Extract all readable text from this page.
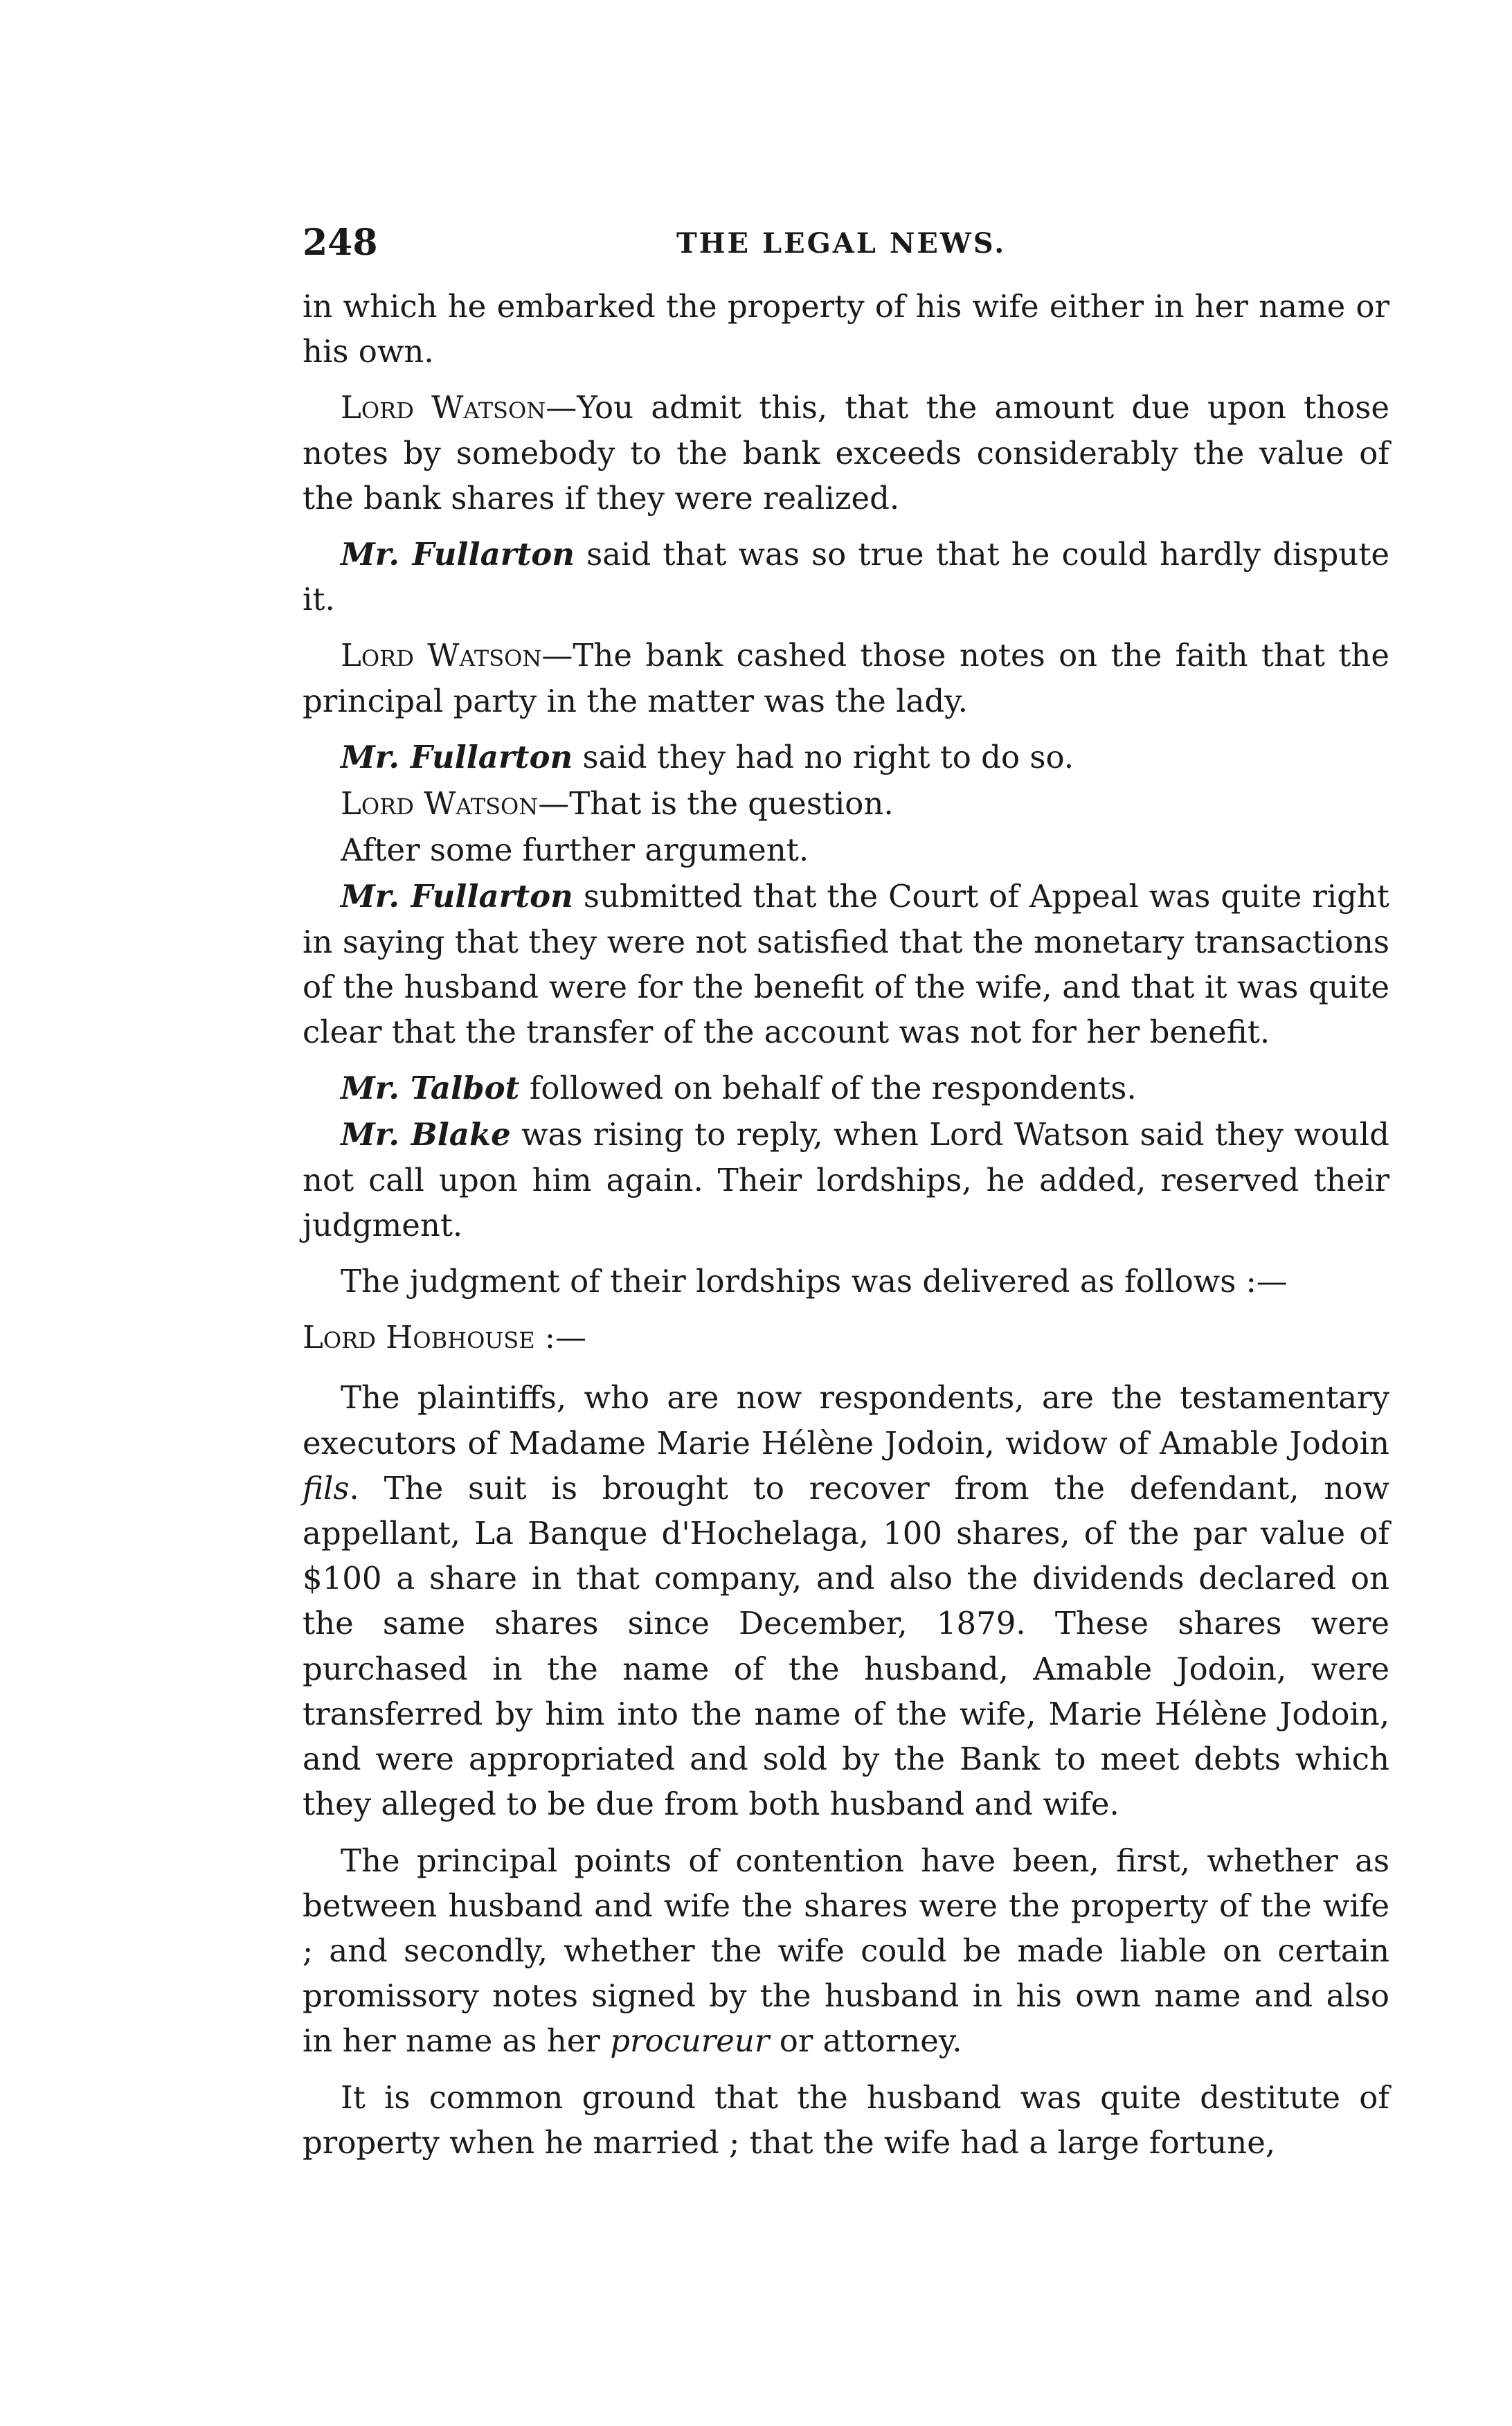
248	THE LEGAL NEWS.

in which he embarked the property of his wife either in her name or his own.

Lord Watson—You admit this, that the amount due upon those notes by somebody to the bank exceeds considerably the value of the bank shares if they were realized.

Mr. Fullarton said that was so true that he could hardly dispute it.

Lord Watson—The bank cashed those notes on the faith that the principal party in the matter was the lady.

Mr. Fullarton said they had no right to do so.

Lord Watson—That is the question.

After some further argument.

Mr. Fullarton submitted that the Court of Appeal was quite right in saying that they were not satisfied that the monetary transactions of the husband were for the benefit of the wife, and that it was quite clear that the transfer of the account was not for her benefit.

Mr. Talbot followed on behalf of the respondents.

Mr. Blake was rising to reply, when Lord Watson said they would not call upon him again. Their lordships, he added, reserved their judgment.

The judgment of their lordships was delivered as follows :—

Lord Hobhouse :—

The plaintiffs, who are now respondents, are the testamentary executors of Madame Marie Hélène Jodoin, widow of Amable Jodoin fils. The suit is brought to recover from the defendant, now appellant, La Banque d'Hochelaga, 100 shares, of the par value of $100 a share in that company, and also the dividends declared on the same shares since December, 1879. These shares were purchased in the name of the husband, Amable Jodoin, were transferred by him into the name of the wife, Marie Hélène Jodoin, and were appropriated and sold by the Bank to meet debts which they alleged to be due from both husband and wife.

The principal points of contention have been, first, whether as between husband and wife the shares were the property of the wife ; and secondly, whether the wife could be made liable on certain promissory notes signed by the husband in his own name and also in her name as her procureur or attorney.

It is common ground that the husband was quite destitute of property when he married ; that the wife had a large fortune,
